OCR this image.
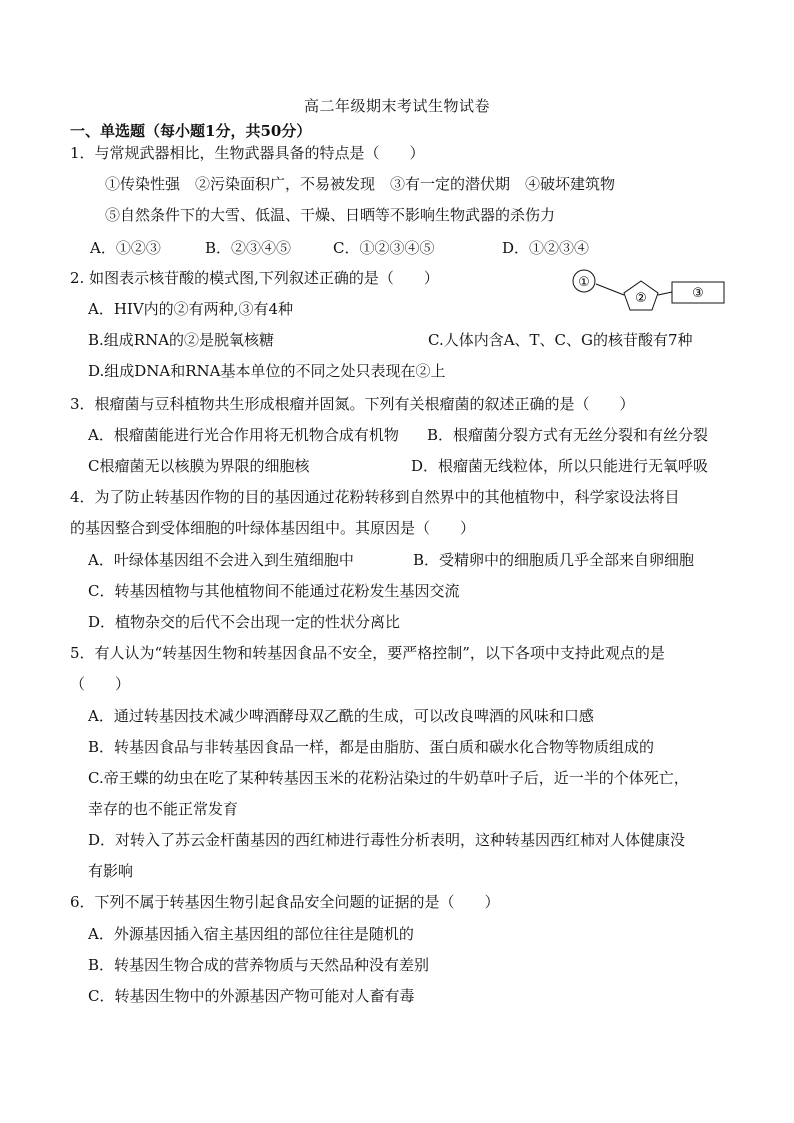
高二年级期末考试生物试卷
一、单选题（每小题1分，共50分）
1．与常规武器相比，生物武器具备的特点是（　　）
①传染性强　②污染面积广，不易被发现　③有一定的潜伏期　④破坏建筑物
⑤自然条件下的大雪、低温、干燥、日晒等不影响生物武器的杀伤力
A．①②③	B．②③④⑤	C．①②③④⑤	D．①②③④
2. 如图表示核苷酸的模式图,下列叙述正确的是（　　）	①
②	③
A．HIV内的②有两种,③有4种
B.组成RNA的②是脱氧核糖	C.人体内含A、T、C、G的核苷酸有7种
D.组成DNA和RNA基本单位的不同之处只表现在②上
3．根瘤菌与豆科植物共生形成根瘤并固氮。下列有关根瘤菌的叙述正确的是（　　）
A．根瘤菌能进行光合作用将无机物合成有机物 B．根瘤菌分裂方式有无丝分裂和有丝分裂
C根瘤菌无以核膜为界限的细胞核	D．根瘤菌无线粒体，所以只能进行无氧呼吸
4．为了防止转基因作物的目的基因通过花粉转移到自然界中的其他植物中，科学家设法将目
的基因整合到受体细胞的叶绿体基因组中。其原因是（　　）
A．叶绿体基因组不会进入到生殖细胞中	B．受精卵中的细胞质几乎全部来自卵细胞
C．转基因植物与其他植物间不能通过花粉发生基因交流
D．植物杂交的后代不会出现一定的性状分离比
5．有人认为“转基因生物和转基因食品不安全，要严格控制”，以下各项中支持此观点的是
（　　）
A．通过转基因技术减少啤酒酵母双乙酰的生成，可以改良啤酒的风味和口感
B．转基因食品与非转基因食品一样，都是由脂肪、蛋白质和碳水化合物等物质组成的
C.帝王蝶的幼虫在吃了某种转基因玉米的花粉沾染过的牛奶草叶子后，近一半的个体死亡，
幸存的也不能正常发育
D．对转入了苏云金杆菌基因的西红柿进行毒性分析表明，这种转基因西红柿对人体健康没
有影响
6．下列不属于转基因生物引起食品安全问题的证据的是（　　）
A．外源基因插入宿主基因组的部位往往是随机的
B．转基因生物合成的营养物质与天然品种没有差别
C．转基因生物中的外源基因产物可能对人畜有毒
